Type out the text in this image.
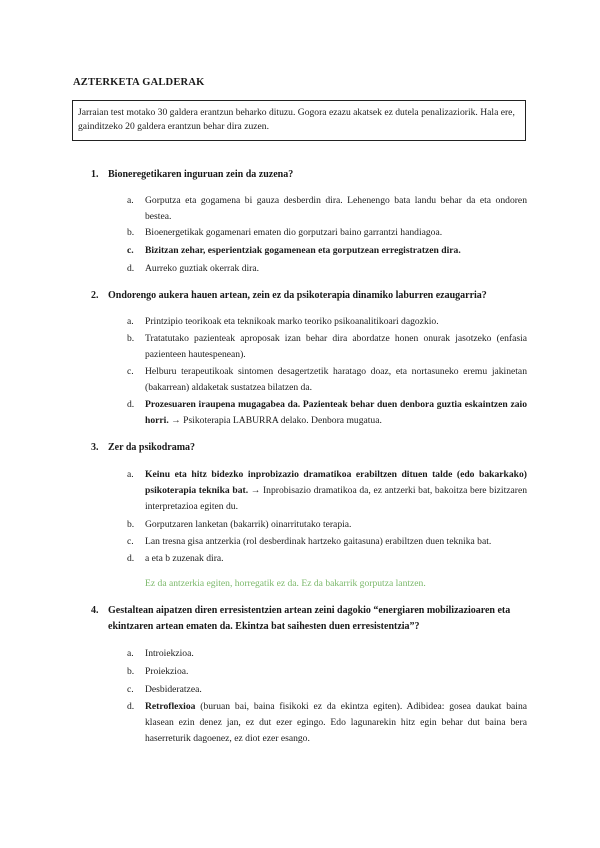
AZTERKETA GALDERAK
Jarraian test motako 30 galdera erantzun beharko dituzu. Gogora ezazu akatsek ez dutela penalizaziorik. Hala ere, gainditzeko 20 galdera erantzun behar dira zuzen.
1. Bioneregetikaren inguruan zein da zuzena?
a. Gorputza eta gogamena bi gauza desberdin dira. Lehenengo bata landu behar da eta ondoren bestea.
b. Bioenergetikak gogamenari ematen dio gorputzari baino garrantzi handiagoa.
c. Bizitzan zehar, esperientziak gogamenean eta gorputzean erregistratzen dira.
d. Aurreko guztiak okerrak dira.
2. Ondorengo aukera hauen artean, zein ez da psikoterapia dinamiko laburren ezaugarria?
a. Printzipio teorikoak eta teknikoak marko teoriko psikoanalitikoari dagozkio.
b. Tratatutako pazienteak aproposak izan behar dira abordatze honen onurak jasotzeko (enfasia pazienteen hautespenean).
c. Helburu terapeutikoak sintomen desagertzetik haratago doaz, eta nortasuneko eremu jakinetan (bakarrean) aldaketak sustatzea bilatzen da.
d. Prozesuaren iraupena mugagabea da. Pazienteak behar duen denbora guztia eskaintzen zaio horri. → Psikoterapia LABURRA delako. Denbora mugatua.
3. Zer da psikodrama?
a. Keinu eta hitz bidezko inprobizazio dramatikoa erabiltzen dituen talde (edo bakarkako) psikoterapia teknika bat. → Inprobisazio dramatikoa da, ez antzerki bat, bakoitza bere bizitzaren interpretazioa egiten du.
b. Gorputzaren lanketan (bakarrik) oinarritutako terapia.
c. Lan tresna gisa antzerkia (rol desberdinak hartzeko gaitasuna) erabiltzen duen teknika bat.
d. a eta b zuzenak dira.
Ez da antzerkia egiten, horregatik ez da. Ez da bakarrik gorputza lantzen.
4. Gestaltean aipatzen diren erresistentzien artean zeini dagokio “energiaren mobilizazioaren eta ekintzaren artean ematen da. Ekintza bat saihesten duen erresistentzia”?
a. Introiekzioa.
b. Proiekzioa.
c. Desbideratzea.
d. Retroflexioa (buruan bai, baina fisikoki ez da ekintza egiten). Adibidea: gosea daukat baina klasean ezin denez jan, ez dut ezer egingo. Edo lagunarekin hitz egin behar dut baina bera haserreturik dagoenez, ez diot ezer esango.
